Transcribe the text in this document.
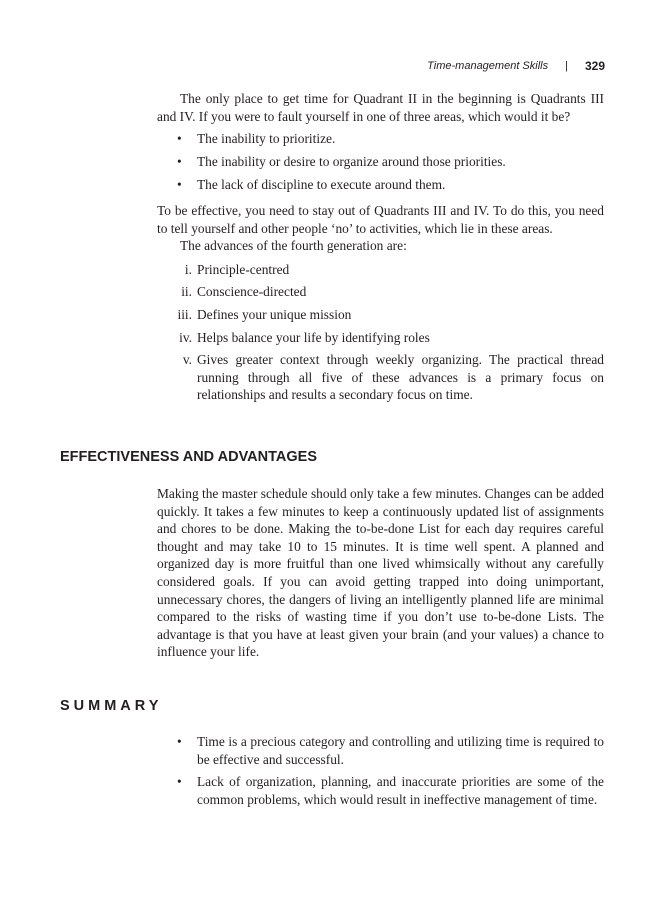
Time-management Skills | 329

The only place to get time for Quadrant II in the beginning is Quadrants III and IV. If you were to fault yourself in one of three areas, which would it be?

• The inability to prioritize.
• The inability or desire to organize around those priorities.
• The lack of discipline to execute around them.

To be effective, you need to stay out of Quadrants III and IV. To do this, you need to tell yourself and other people ‘no’ to activities, which lie in these areas.

The advances of the fourth generation are:

i. Principle-centred
ii. Conscience-directed
iii. Defines your unique mission
iv. Helps balance your life by identifying roles
v. Gives greater context through weekly organizing. The practical thread running through all five of these advances is a primary focus on relationships and results a secondary focus on time.
EFFECTIVENESS AND ADVANTAGES

Making the master schedule should only take a few minutes. Changes can be added quickly. It takes a few minutes to keep a continuously updated list of assignments and chores to be done. Making the to-be-done List for each day requires careful thought and may take 10 to 15 minutes. It is time well spent. A planned and organized day is more fruitful than one lived whimsically without any carefully considered goals. If you can avoid getting trapped into doing unimportant, unnecessary chores, the dangers of living an intelligently planned life are minimal compared to the risks of wasting time if you don’t use to-be-done Lists. The advantage is that you have at least given your brain (and your values) a chance to influence your life.

SUMMARY
• Time is a precious category and controlling and utilizing time is required to be effective and successful.
• Lack of organization, planning, and inaccurate priorities are some of the common problems, which would result in ineffective management of time.
